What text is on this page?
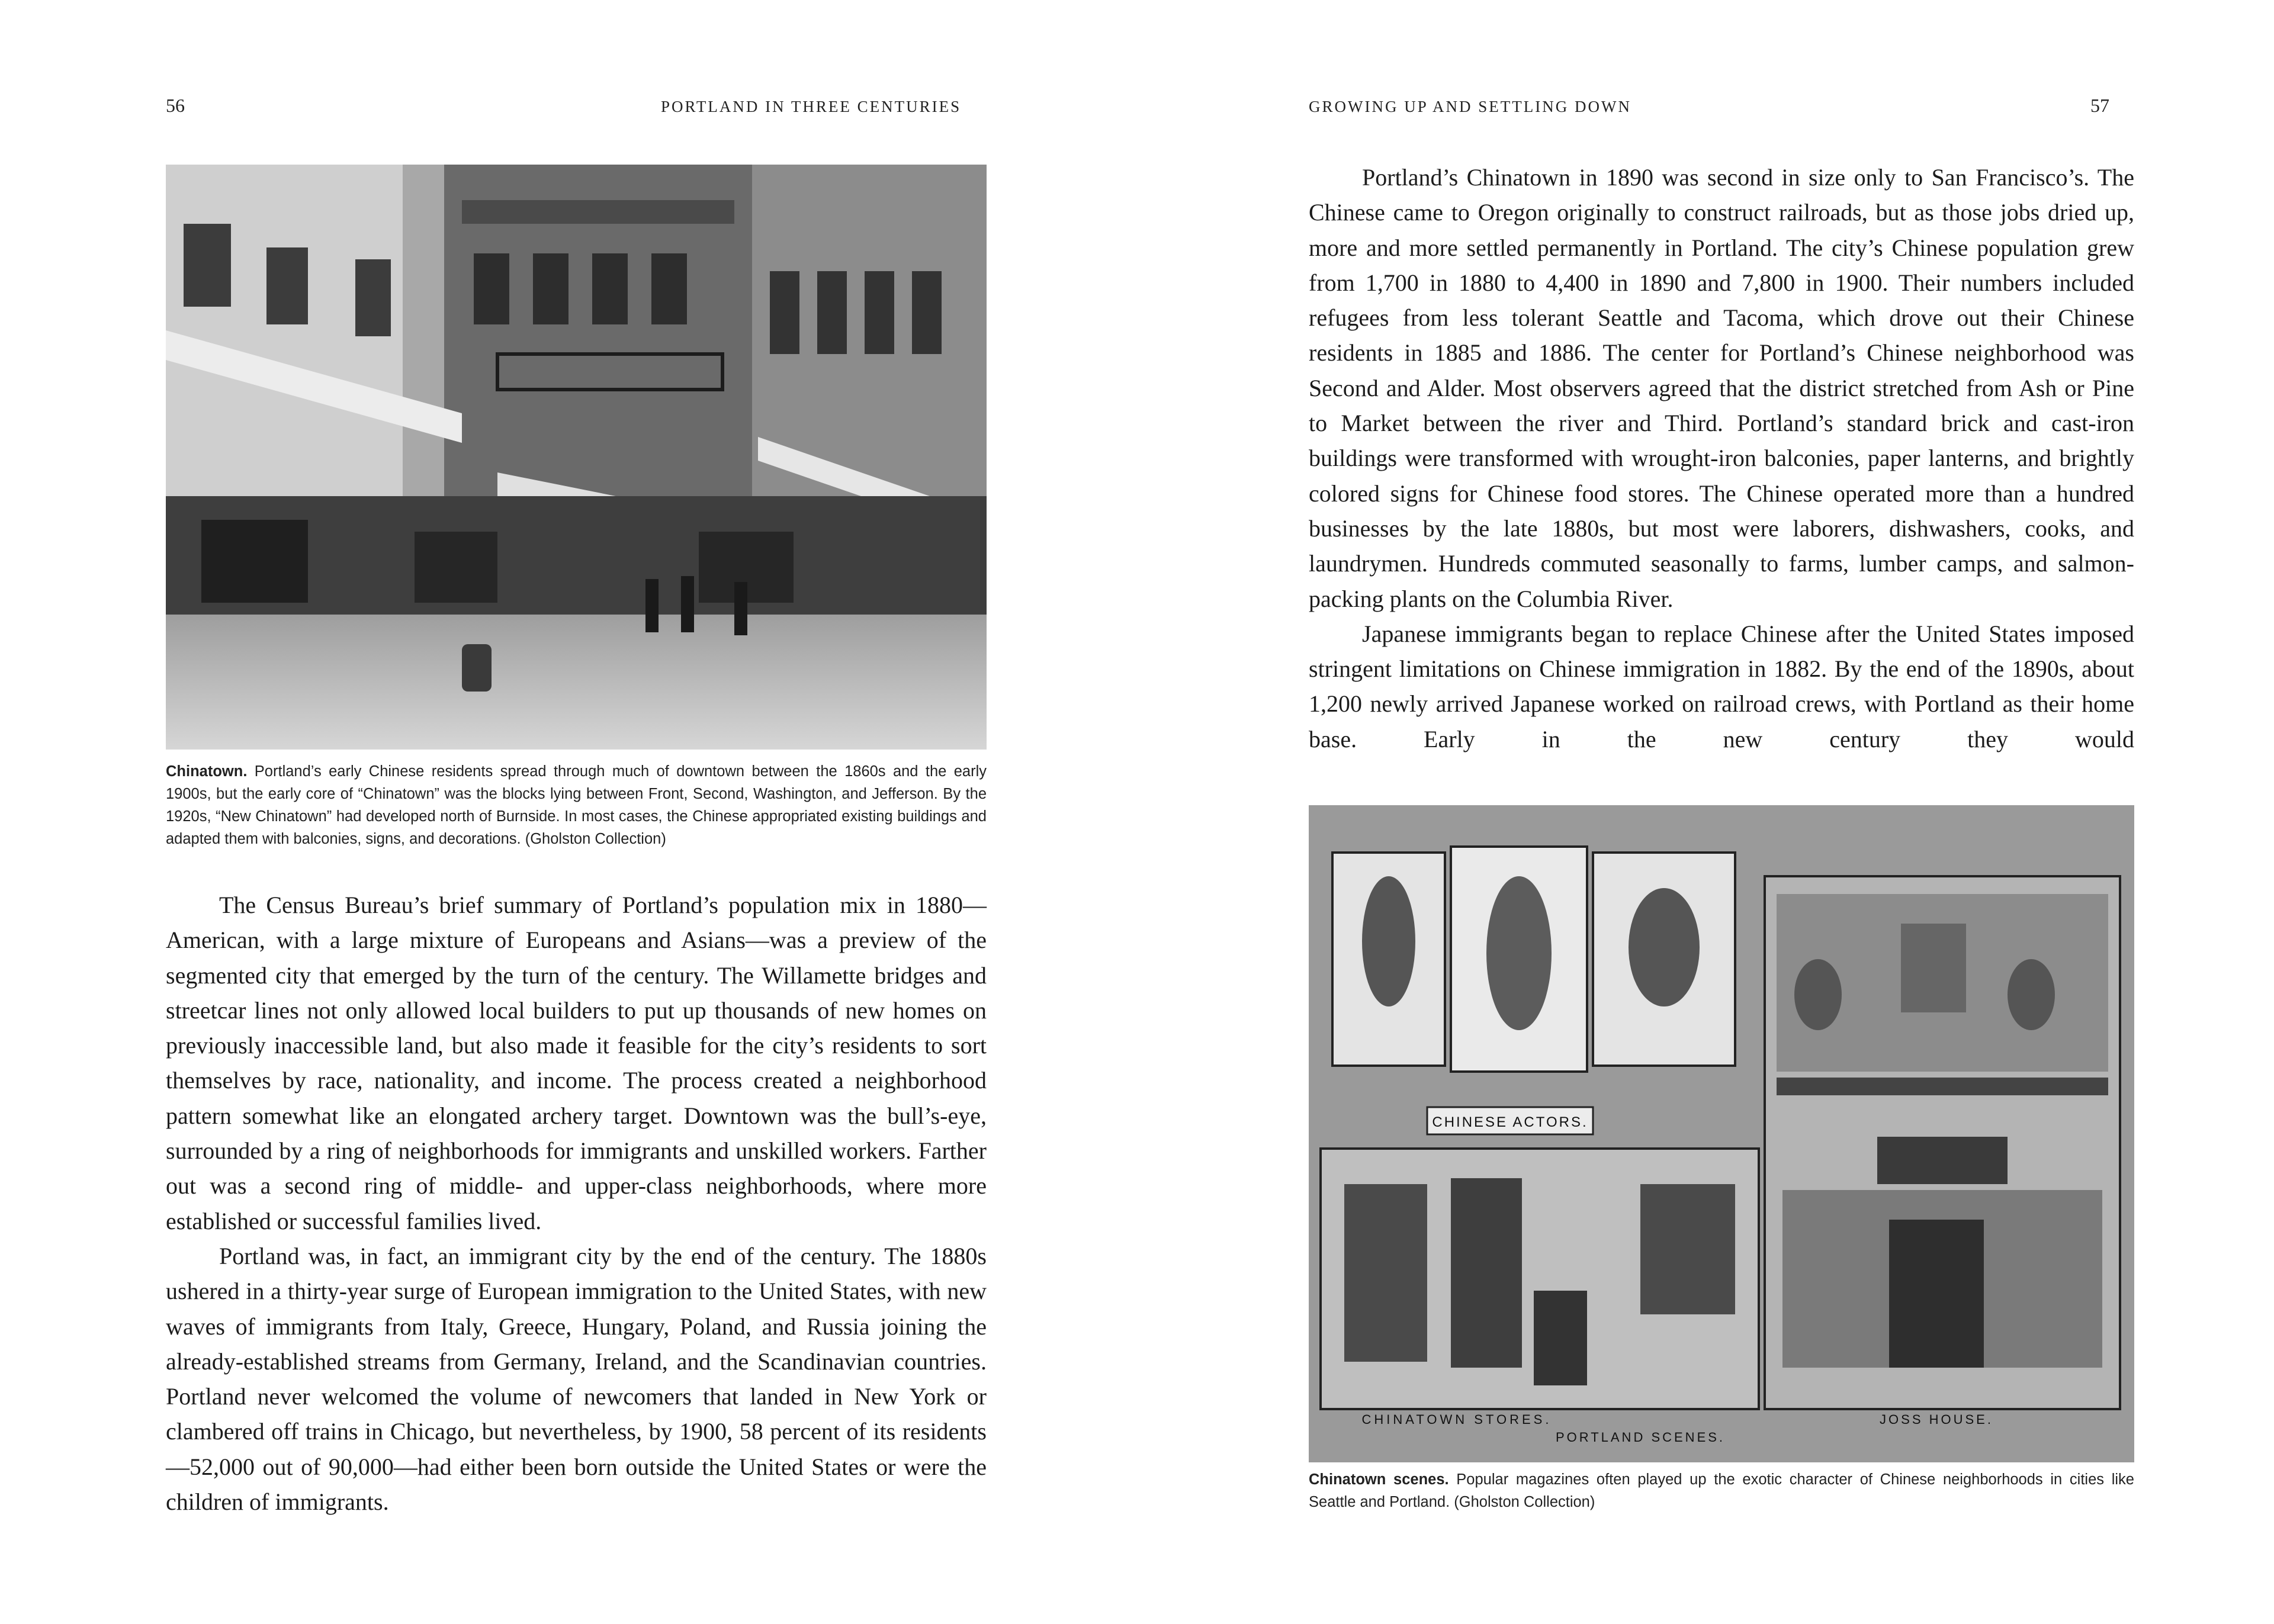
56	PORTLAND IN THREE CENTURIES
Chinatown. Portland’s early Chinese residents spread through much of downtown between the 1860s and the early 1900s, but the early core of “Chinatown” was the blocks lying between Front, Second, Washington, and Jefferson. By the 1920s, “New Chinatown” had developed north of Burnside. In most cases, the Chinese appropriated existing buildings and adapted them with balconies, signs, and decorations. (Gholston Collection)

The Census Bureau’s brief summary of Portland’s population mix in 1880—American, with a large mixture of Europeans and Asians—was a preview of the segmented city that emerged by the turn of the century. The Willamette bridges and streetcar lines not only allowed local builders to put up thousands of new homes on previously inaccessible land, but also made it feasible for the city’s residents to sort themselves by race, nationality, and income. The process created a neighborhood pattern somewhat like an elongated archery target. Downtown was the bull’s-eye, surrounded by a ring of neighborhoods for immigrants and unskilled workers. Farther out was a second ring of middle- and upper-class neighborhoods, where more established or successful families lived.

Portland was, in fact, an immigrant city by the end of the century. The 1880s ushered in a thirty-year surge of European immigration to the United States, with new waves of immigrants from Italy, Greece, Hungary, Poland, and Russia joining the already-established streams from Germany, Ireland, and the Scandinavian countries. Portland never welcomed the volume of newcomers that landed in New York or clambered off trains in Chicago, but nevertheless, by 1900, 58 percent of its residents—52,000 out of 90,000—had either been born outside the United States or were the children of immigrants.

GROWING UP AND SETTLING DOWN	57

Portland’s Chinatown in 1890 was second in size only to San Francisco’s. The Chinese came to Oregon originally to construct railroads, but as those jobs dried up, more and more settled permanently in Portland. The city’s Chinese population grew from 1,700 in 1880 to 4,400 in 1890 and 7,800 in 1900. Their numbers included refugees from less tolerant Seattle and Tacoma, which drove out their Chinese residents in 1885 and 1886. The center for Portland’s Chinese neighborhood was Second and Alder. Most observers agreed that the district stretched from Ash or Pine to Market between the river and Third. Portland’s standard brick and cast-iron buildings were transformed with wrought-iron balconies, paper lanterns, and brightly colored signs for Chinese food stores. The Chinese operated more than a hundred businesses by the late 1880s, but most were laborers, dishwashers, cooks, and laundrymen. Hundreds commuted seasonally to farms, lumber camps, and salmon-packing plants on the Columbia River.

Japanese immigrants began to replace Chinese after the United States imposed stringent limitations on Chinese immigration in 1882. By the end of the 1890s, about 1,200 newly arrived Japanese worked on railroad crews, with Portland as their home base. Early in the new century they would

CHINESE ACTORS.
CHINATOWN STORES.	JOSS HOUSE.
PORTLAND SCENES.
Chinatown scenes. Popular magazines often played up the exotic character of Chinese neighborhoods in cities like Seattle and Portland. (Gholston Collection)
